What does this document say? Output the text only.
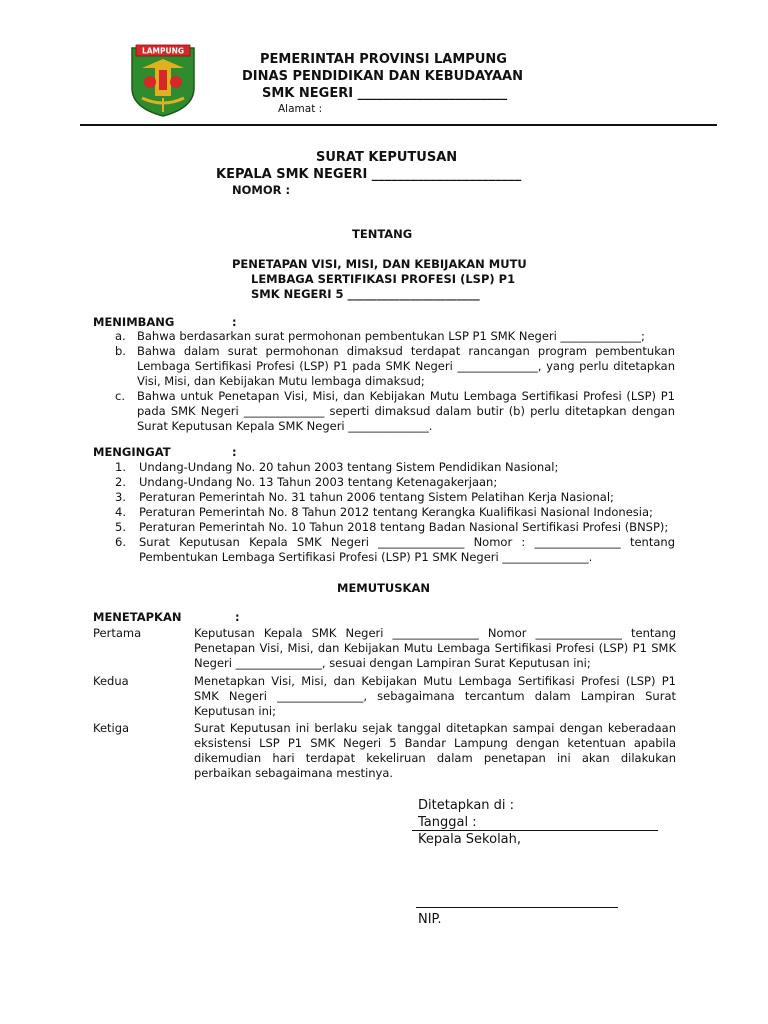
LAMPUNG
PEMERINTAH PROVINSI LAMPUNG
DINAS PENDIDIKAN DAN KEBUDAYAAN
SMK NEGERI _______________________
Alamat :
SURAT KEPUTUSAN
KEPALA SMK NEGERI _______________________
NOMOR :
TENTANG
PENETAPAN VISI, MISI, DAN KEBIJAKAN MUTU
LEMBAGA SERTIFIKASI PROFESI (LSP) P1
SMK NEGERI 5 _______________________
MENIMBANG	:
a. Bahwa berdasarkan surat permohonan pembentukan LSP P1 SMK Negeri ______________;
b. Bahwa dalam surat permohonan dimaksud terdapat rancangan program pembentukan Lembaga Sertifikasi Profesi (LSP) P1 pada SMK Negeri ______________, yang perlu ditetapkan Visi, Misi, dan Kebijakan Mutu lembaga dimaksud;
c.	Bahwa untuk Penetapan Visi, Misi, dan Kebijakan Mutu Lembaga Sertifikasi Profesi (LSP) P1 pada SMK Negeri ______________ seperti dimaksud dalam butir (b) perlu ditetapkan dengan Surat Keputusan Kepala SMK Negeri ______________.
MENGINGAT	:
1.	Undang-Undang No. 20 tahun 2003 tentang Sistem Pendidikan Nasional;
2.	Undang-Undang No. 13 Tahun 2003 tentang Ketenagakerjaan;
3.	Peraturan Pemerintah No. 31 tahun 2006 tentang Sistem Pelatihan Kerja Nasional;
4.	Peraturan Pemerintah No. 8 Tahun 2012 tentang Kerangka Kualifikasi Nasional Indonesia;
5.	Peraturan Pemerintah No. 10 Tahun 2018 tentang Badan Nasional Sertifikasi Profesi (BNSP);
6.	Surat Keputusan Kepala SMK Negeri _______________ Nomor : _______________ tentang Pembentukan Lembaga Sertifikasi Profesi (LSP) P1 SMK Negeri _______________.
MEMUTUSKAN
MENETAPKAN	:
Pertama	Keputusan Kepala SMK Negeri _______________ Nomor _______________ tentang Penetapan Visi, Misi, dan Kebijakan Mutu Lembaga Sertifikasi Profesi (LSP) P1 SMK Negeri _______________, sesuai dengan Lampiran Surat Keputusan ini;
Kedua	Menetapkan Visi, Misi, dan Kebijakan Mutu Lembaga Sertifikasi Profesi (LSP) P1 SMK Negeri _______________, sebagaimana tercantum dalam Lampiran Surat Keputusan ini;
Ketiga	Surat Keputusan ini berlaku sejak tanggal ditetapkan sampai dengan keberadaan eksistensi LSP P1 SMK Negeri 5 Bandar Lampung dengan ketentuan apabila dikemudian hari terdapat kekeliruan dalam penetapan ini akan dilakukan perbaikan sebagaimana mestinya.
Ditetapkan di :
Tanggal :
Kepala Sekolah,
NIP.
